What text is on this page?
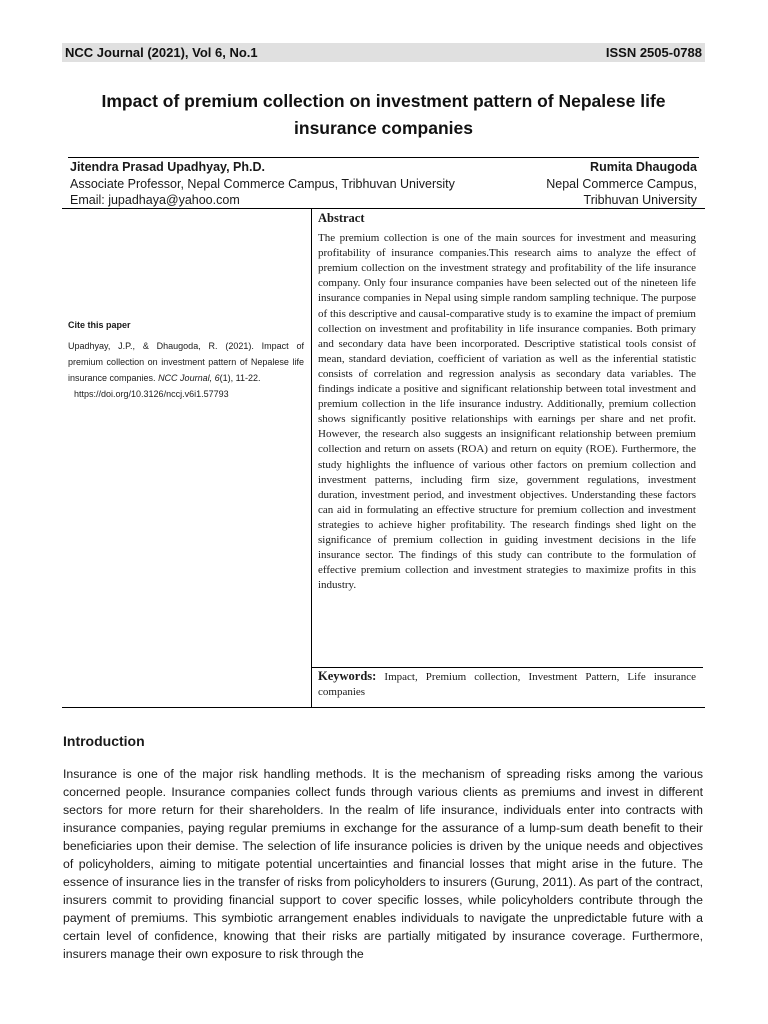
NCC Journal (2021), Vol 6, No.1	ISSN 2505-0788
Impact of premium collection on investment pattern of Nepalese life insurance companies
Jitendra Prasad Upadhyay, Ph.D.
Associate Professor, Nepal Commerce Campus, Tribhuvan University
Email: jupadhaya@yahoo.com
Rumita Dhaugoda
Nepal Commerce Campus,
Tribhuvan University
Cite this paper
Upadhyay, J.P., & Dhaugoda, R. (2021). Impact of premium collection on investment pattern of Nepalese life insurance companies. NCC Journal, 6(1), 11-22.
https://doi.org/10.3126/nccj.v6i1.57793
Abstract

The premium collection is one of the main sources for investment and measuring profitability of insurance companies.This research aims to analyze the effect of premium collection on the investment strategy and profitability of the life insurance company. Only four insurance companies have been selected out of the nineteen life insurance companies in Nepal using simple random sampling technique. The purpose of this descriptive and causal-comparative study is to examine the impact of premium collection on investment and profitability in life insurance companies. Both primary and secondary data have been incorporated. Descriptive statistical tools consist of mean, standard deviation, coefficient of variation as well as the inferential statistic consists of correlation and regression analysis as secondary data variables. The findings indicate a positive and significant relationship between total investment and premium collection in the life insurance industry. Additionally, premium collection shows significantly positive relationships with earnings per share and net profit. However, the research also suggests an insignificant relationship between premium collection and return on assets (ROA) and return on equity (ROE). Furthermore, the study highlights the influence of various other factors on premium collection and investment patterns, including firm size, government regulations, investment duration, investment period, and investment objectives. Understanding these factors can aid in formulating an effective structure for premium collection and investment strategies to achieve higher profitability. The research findings shed light on the significance of premium collection in guiding investment decisions in the life insurance sector. The findings of this study can contribute to the formulation of effective premium collection and investment strategies to maximize profits in this industry.

Keywords: Impact, Premium collection, Investment Pattern, Life insurance companies
Introduction

Insurance is one of the major risk handling methods. It is the mechanism of spreading risks among the various concerned people. Insurance companies collect funds through various clients as premiums and invest in different sectors for more return for their shareholders. In the realm of life insurance, individuals enter into contracts with insurance companies, paying regular premiums in exchange for the assurance of a lump-sum death benefit to their beneficiaries upon their demise. The selection of life insurance policies is driven by the unique needs and objectives of policyholders, aiming to mitigate potential uncertainties and financial losses that might arise in the future. The essence of insurance lies in the transfer of risks from policyholders to insurers (Gurung, 2011). As part of the contract, insurers commit to providing financial support to cover specific losses, while policyholders contribute through the payment of premiums. This symbiotic arrangement enables individuals to navigate the unpredictable future with a certain level of confidence, knowing that their risks are partially mitigated by insurance coverage. Furthermore, insurers manage their own exposure to risk through the
